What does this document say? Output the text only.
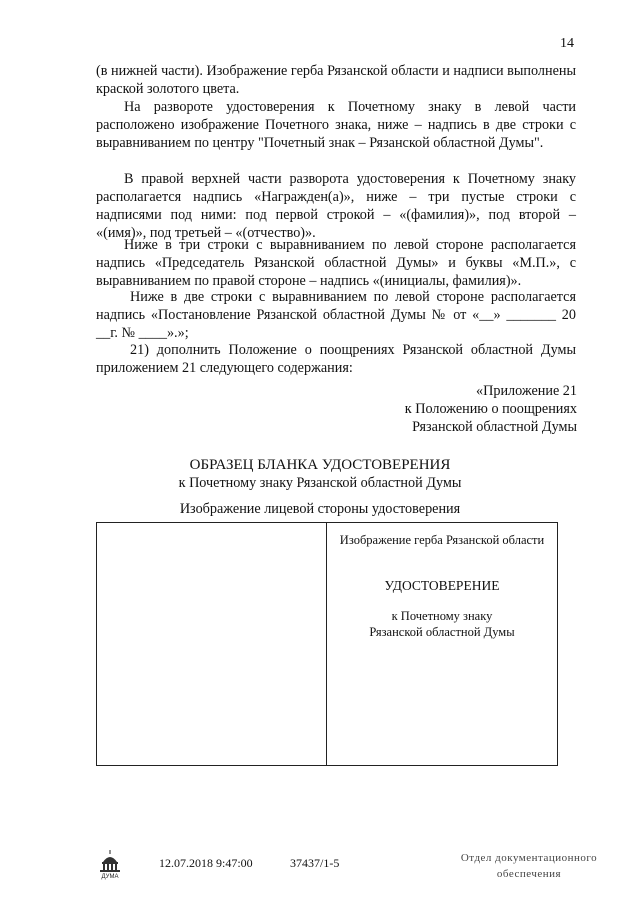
14

(в нижней части). Изображение герба Рязанской области и надписи выполнены краской золотого цвета.

На развороте удостоверения к Почетному знаку в левой части расположено изображение Почетного знака, ниже – надпись в две строки с выравниванием по центру "Почетный знак – Рязанской областной Думы".

В правой верхней части разворота удостоверения к Почетному знаку располагается надпись «Награжден(а)», ниже – три пустые строки с надписями под ними: под первой строкой – «(фамилия)», под второй – «(имя)», под третьей – «(отчество)».

Ниже в три строки с выравниванием по левой стороне располагается надпись «Председатель Рязанской областной Думы» и буквы «М.П.», с выравниванием по правой стороне – надпись «(инициалы, фамилия)».

Ниже в две строки с выравниванием по левой стороне располагается надпись «Постановление Рязанской областной Думы № от «__» _______ 20 __г. № ____».»;

21) дополнить Положение о поощрениях Рязанской областной Думы приложением 21 следующего содержания:

«Приложение 21
к Положению о поощрениях
Рязанской областной Думы
ОБРАЗЕЦ БЛАНКА УДОСТОВЕРЕНИЯ
к Почетному знаку Рязанской областной Думы
Изображение лицевой стороны удостоверения
Изображение герба Рязанской области
УДОСТОВЕРЕНИЕ
к Почетному знаку
Рязанской областной Думы
ДУМА
12.07.2018 9:47:00	37437/1-5	Отдел документационного
обеспечения
